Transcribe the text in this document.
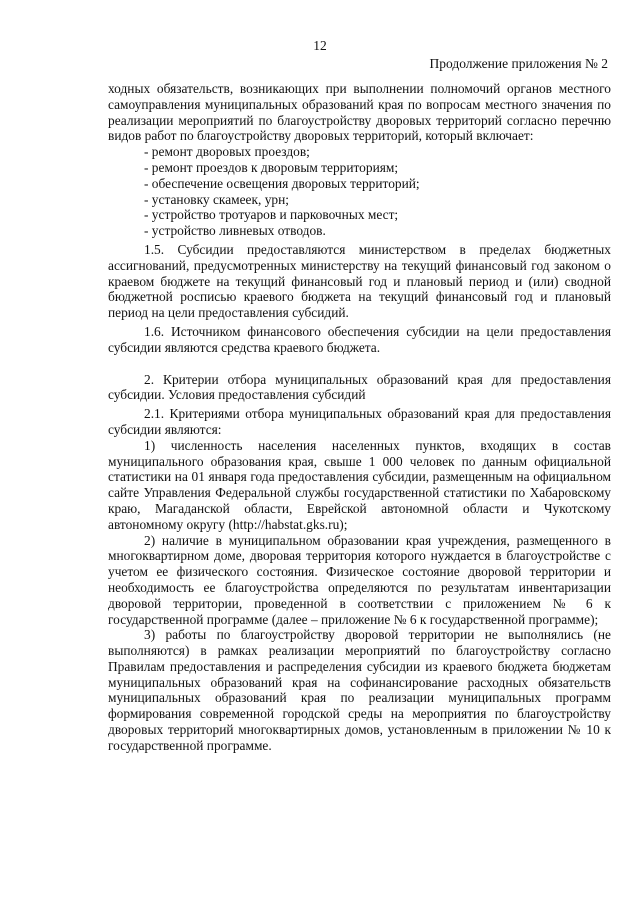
12
Продолжение приложения № 2

ходных обязательств, возникающих при выполнении полномочий органов местного самоуправления муниципальных образований края по вопросам местного значения по реализации мероприятий по благоустройству дворовых территорий согласно перечню видов работ по благоустройству дворовых территорий, который включает:

- ремонт дворовых проездов;

- ремонт проездов к дворовым территориям;

- обеспечение освещения дворовых территорий;

- установку скамеек, урн;

- устройство тротуаров и парковочных мест;

- устройство ливневых отводов.

1.5. Субсидии предоставляются министерством в пределах бюджетных ассигнований, предусмотренных министерству на текущий финансовый год законом о краевом бюджете на текущий финансовый год и плановый период и (или) сводной бюджетной росписью краевого бюджета на текущий финансовый год и плановый период на цели предоставления субсидий.

1.6. Источником финансового обеспечения субсидии на цели предоставления субсидии являются средства краевого бюджета.

2. Критерии отбора муниципальных образований края для предоставления субсидии. Условия предоставления субсидий

2.1. Критериями отбора муниципальных образований края для предоставления субсидии являются:

1) численность населения населенных пунктов, входящих в состав муниципального образования края, свыше 1 000 человек по данным официальной статистики на 01 января года предоставления субсидии, размещенным на официальном сайте Управления Федеральной службы государственной статистики по Хабаровскому краю, Магаданской области, Еврейской автономной области и Чукотскому автономному округу (http://habstat.gks.ru);

2) наличие в муниципальном образовании края учреждения, размещенного в многоквартирном доме, дворовая территория которого нуждается в благоустройстве с учетом ее физического состояния. Физическое состояние дворовой территории и необходимость ее благоустройства определяются по результатам инвентаризации дворовой территории, проведенной в соответствии с приложением № 6 к государственной программе (далее – приложение № 6 к государственной программе);

3) работы по благоустройству дворовой территории не выполнялись (не выполняются) в рамках реализации мероприятий по благоустройству согласно Правилам предоставления и распределения субсидии из краевого бюджета бюджетам муниципальных образований края на софинансирование расходных обязательств муниципальных образований края по реализации муниципальных программ формирования современной городской среды на мероприятия по благоустройству дворовых территорий многоквартирных домов, установленным в приложении № 10 к государственной программе.
